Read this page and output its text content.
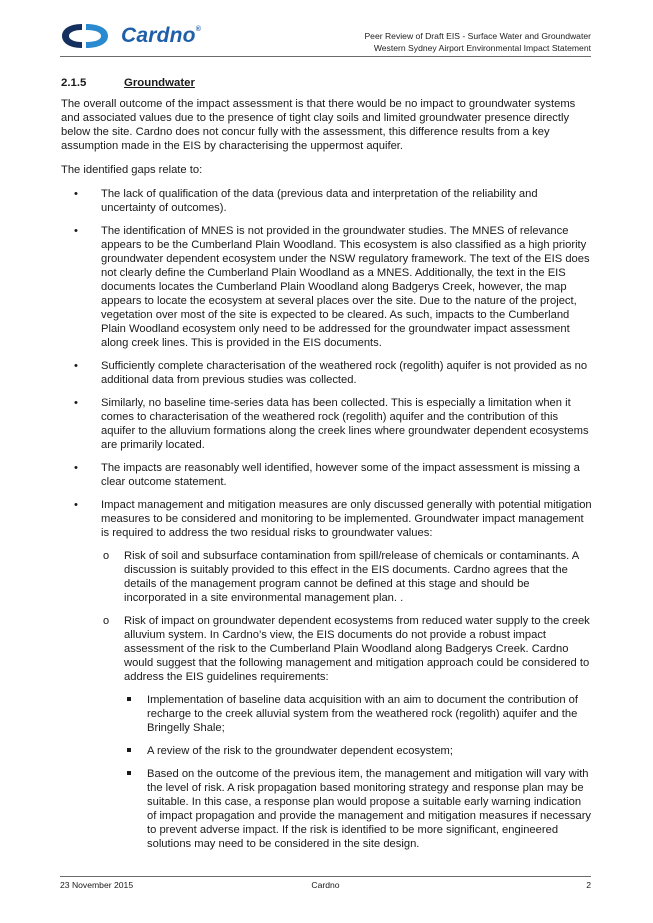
Cardno®
Peer Review of Draft EIS - Surface Water and Groundwater
Western Sydney Airport Environmental Impact Statement
2.1.5	Groundwater

The overall outcome of the impact assessment is that there would be no impact to groundwater systems and associated values due to the presence of tight clay soils and limited groundwater presence directly below the site. Cardno does not concur fully with the assessment, this difference results from a key assumption made in the EIS by characterising the uppermost aquifer.

The identified gaps relate to:

• The lack of qualification of the data (previous data and interpretation of the reliability and uncertainty of outcomes).
• The identification of MNES is not provided in the groundwater studies. The MNES of relevance appears to be the Cumberland Plain Woodland. This ecosystem is also classified as a high priority groundwater dependent ecosystem under the NSW regulatory framework. The text of the EIS does not clearly define the Cumberland Plain Woodland as a MNES. Additionally, the text in the EIS documents locates the Cumberland Plain Woodland along Badgerys Creek, however, the map appears to locate the ecosystem at several places over the site. Due to the nature of the project, vegetation over most of the site is expected to be cleared. As such, impacts to the Cumberland Plain Woodland ecosystem only need to be addressed for the groundwater impact assessment along creek lines. This is provided in the EIS documents.
• Sufficiently complete characterisation of the weathered rock (regolith) aquifer is not provided as no additional data from previous studies was collected.
• Similarly, no baseline time-series data has been collected. This is especially a limitation when it comes to characterisation of the weathered rock (regolith) aquifer and the contribution of this aquifer to the alluvium formations along the creek lines where groundwater dependent ecosystems are primarily located.
• The impacts are reasonably well identified, however some of the impact assessment is missing a clear outcome statement.
• Impact management and mitigation measures are only discussed generally with potential mitigation measures to be considered and monitoring to be implemented. Groundwater impact management is required to address the two residual risks to groundwater values:
o Risk of soil and subsurface contamination from spill/release of chemicals or contaminants. A discussion is suitably provided to this effect in the EIS documents. Cardno agrees that the details of the management program cannot be defined at this stage and should be incorporated in a site environmental management plan. .
o Risk of impact on groundwater dependent ecosystems from reduced water supply to the creek alluvium system. In Cardno’s view, the EIS documents do not provide a robust impact assessment of the risk to the Cumberland Plain Woodland along Badgerys Creek. Cardno would suggest that the following management and mitigation approach could be considered to address the EIS guidelines requirements:
Implementation of baseline data acquisition with an aim to document the contribution of recharge to the creek alluvial system from the weathered rock (regolith) aquifer and the Bringelly Shale;
A review of the risk to the groundwater dependent ecosystem;
Based on the outcome of the previous item, the management and mitigation will vary with the level of risk. A risk propagation based monitoring strategy and response plan may be suitable. In this case, a response plan would propose a suitable early warning indication of impact propagation and provide the management and mitigation measures if necessary to prevent adverse impact. If the risk is identified to be more significant, engineered solutions may need to be considered in the site design.
23 November 2015	Cardno	2
